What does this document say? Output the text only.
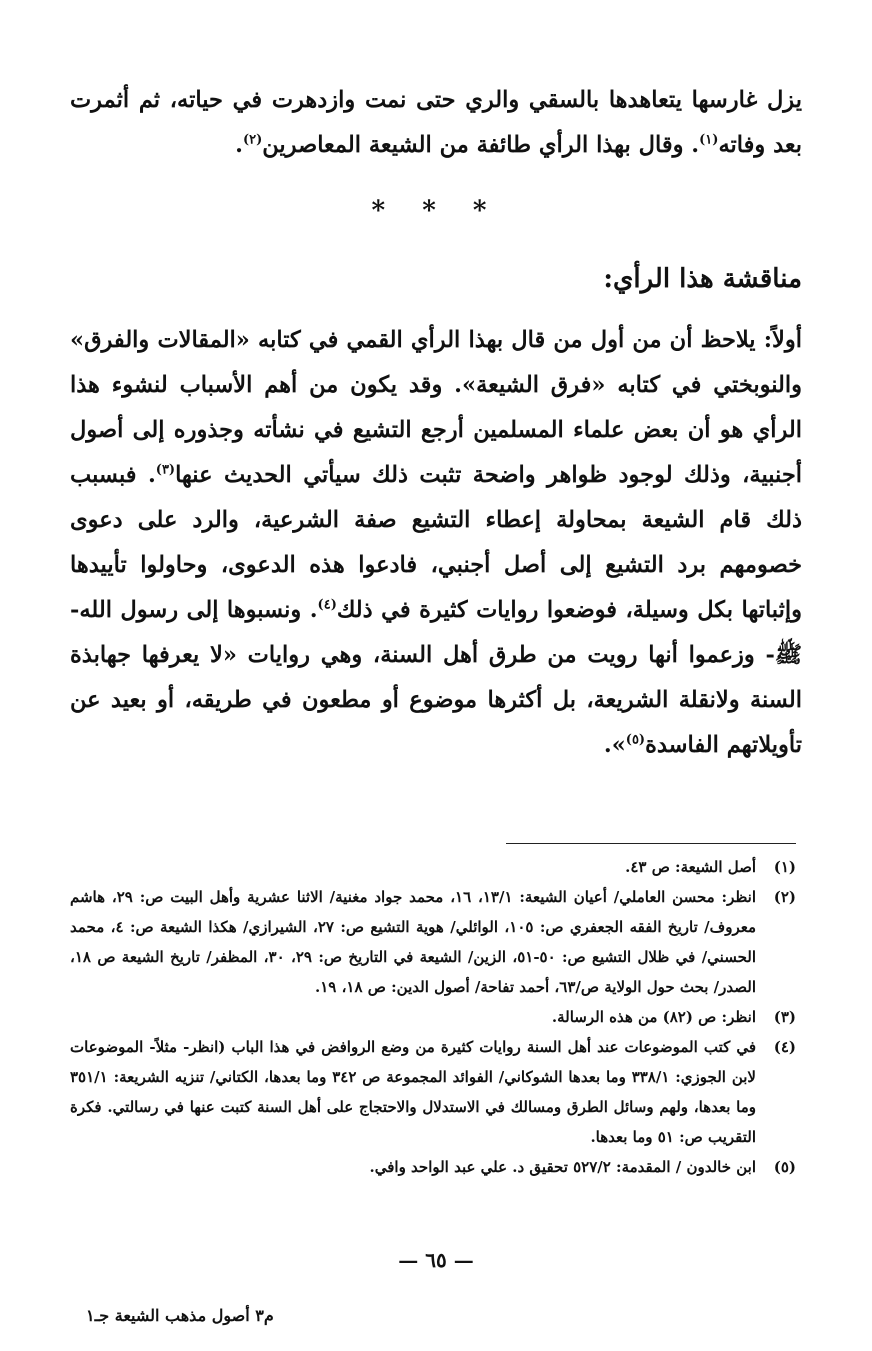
يزل غارسها يتعاهدها بالسقي والري حتى نمت وازدهرت في حياته، ثم أثمرت بعد وفاته$^{(١)}$. وقال بهذا الرأي طائفة من الشيعة المعاصرين$^{(٢)}$.

* * *
مناقشة هذا الرأي:

أولاً: يلاحظ أن من أول من قال بهذا الرأي القمي في كتابه «المقالات والفرق» والنوبختي في كتابه «فرق الشيعة». وقد يكون من أهم الأسباب لنشوء هذا الرأي هو أن بعض علماء المسلمين أرجع التشيع في نشأته وجذوره إلى أصول أجنبية، وذلك لوجود ظواهر واضحة تثبت ذلك سيأتي الحديث عنها$^{(٣)}$. فبسبب ذلك قام الشيعة بمحاولة إعطاء التشيع صفة الشرعية، والرد على دعوى خصومهم برد التشيع إلى أصل أجنبي، فادعوا هذه الدعوى، وحاولوا تأييدها وإثباتها بكل وسيلة، فوضعوا روايات كثيرة في ذلك$^{(٤)}$. ونسبوها إلى رسول الله- ﷺ- وزعموا أنها رويت من طرق أهل السنة، وهي روايات «لا يعرفها جهابذة السنة ولانقلة الشريعة، بل أكثرها موضوع أو مطعون في طريقه، أو بعيد عن تأويلاتهم الفاسدة$^{(٥)}$».

(١)
أصل الشيعة: ص ٤٣.
(٢)
انظر: محسن العاملي/ أعيان الشيعة: ١٣/١، ١٦، محمد جواد مغنية/ الاثنا عشرية وأهل البيت ص: ٢٩، هاشم معروف/ تاريخ الفقه الجعفري ص: ١٠٥، الوائلي/ هوية التشيع ص: ٢٧، الشيرازي/ هكذا الشيعة ص: ٤، محمد الحسني/ في ظلال التشيع ص: ٥٠-٥١، الزين/ الشيعة في التاريخ ص: ٢٩، ٣٠، المظفر/ تاريخ الشيعة ص ١٨، الصدر/ بحث حول الولاية ص/٦٣، أحمد تفاحة/ أصول الدين: ص ١٨، ١٩.
(٣)
انظر: ص (٨٢) من هذه الرسالة.
(٤)
في كتب الموضوعات عند أهل السنة روايات كثيرة من وضع الروافض في هذا الباب (انظر- مثلاً- الموضوعات لابن الجوزي: ٣٣٨/١ وما بعدها الشوكاني/ الفوائد المجموعة ص ٣٤٢ وما بعدها، الكتاني/ تنزيه الشريعة: ٣٥١/١ وما بعدها، ولهم وسائل الطرق ومسالك في الاستدلال والاحتجاج على أهل السنة كتبت عنها في رسالتي. فكرة التقريب ص: ٥١ وما بعدها.
(٥)
ابن خالدون / المقدمة: ٥٢٧/٢ تحقيق د. علي عبد الواحد وافي.
— ٦٥ —
م٣ أصول مذهب الشيعة جـ١
